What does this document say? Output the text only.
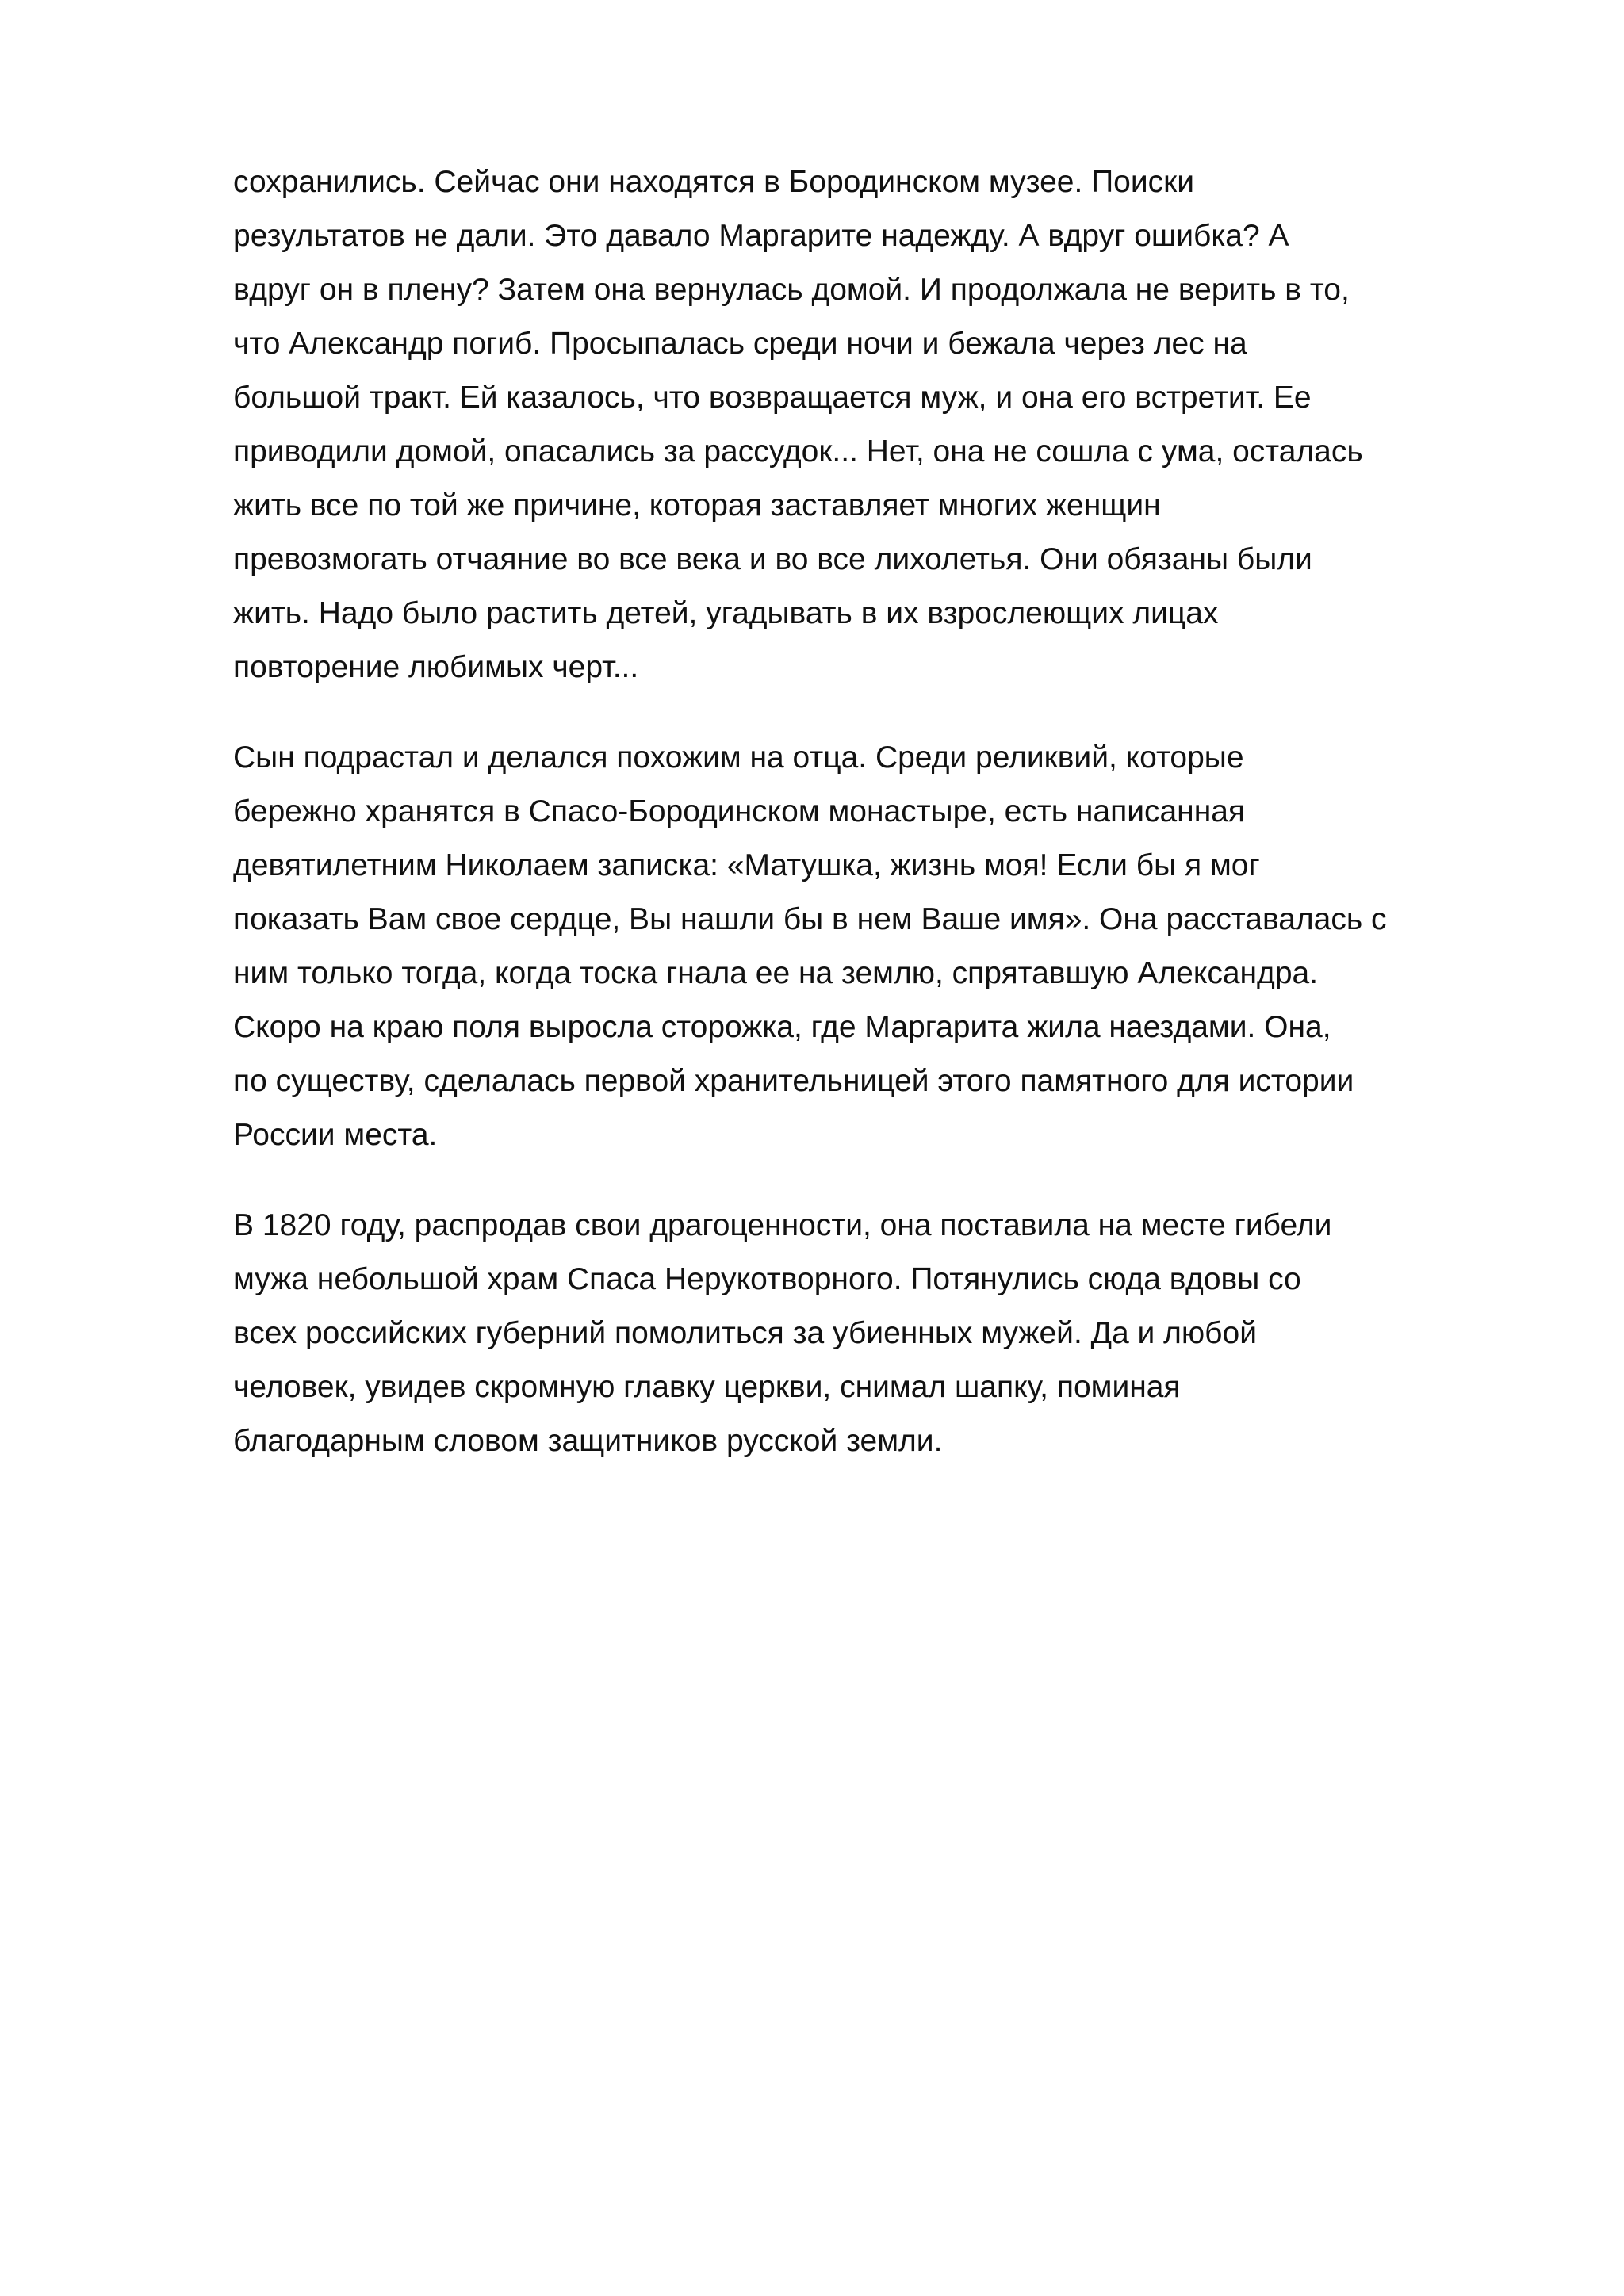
сохранились. Сейчас они находятся в Бородинском музее. Поиски
результатов не дали. Это давало Маргарите надежду. А вдруг ошибка? А
вдруг он в плену? Затем она вернулась домой. И продолжала не верить в то,
что Александр погиб. Просыпалась среди ночи и бежала через лес на
большой тракт. Ей казалось, что возвращается муж, и она его встретит. Ее
приводили домой, опасались за рассудок... Нет, она не сошла с ума, осталась
жить все по той же причине, которая заставляет многих женщин
превозмогать отчаяние во все века и во все лихолетья. Они обязаны были
жить. Надо было растить детей, угадывать в их взрослеющих лицах
повторение любимых черт...
Сын подрастал и делался похожим на отца. Среди реликвий, которые
бережно хранятся в Спасо-Бородинском монастыре, есть написанная
девятилетним Николаем записка: «Матушка, жизнь моя! Если бы я мог
показать Вам свое сердце, Вы нашли бы в нем Ваше имя». Она расставалась с
ним только тогда, когда тоска гнала ее на землю, спрятавшую Александра.
Скоро на краю поля выросла сторожка, где Маргарита жила наездами. Она,
по существу, сделалась первой хранительницей этого памятного для истории
России места.
В 1820 году, распродав свои драгоценности, она поставила на месте гибели
мужа небольшой храм Спаса Нерукотворного. Потянулись сюда вдовы со
всех российских губерний помолиться за убиенных мужей. Да и любой
человек, увидев скромную главку церкви, снимал шапку, поминая
благодарным словом защитников русской земли.
